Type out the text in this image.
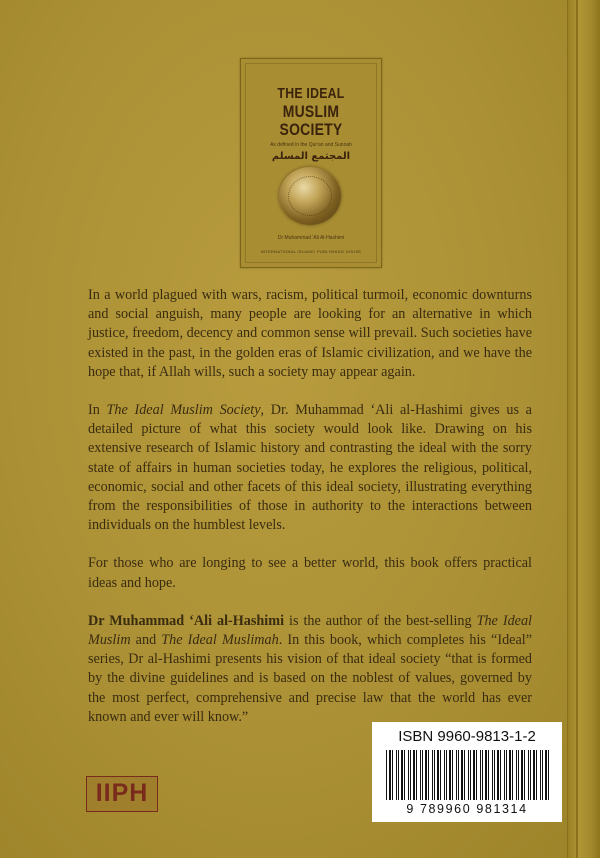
THE IDEAL
MUSLIM
SOCIETY
As defined in the Qur'an and Sunnah
المجتمع المسلم
Dr Muhammad 'Ali Al-Hashimi
INTERNATIONAL ISLAMIC PUBLISHING HOUSE

In a world plagued with wars, racism, political turmoil, economic downturns and social anguish, many people are looking for an alternative in which justice, freedom, decency and common sense will prevail. Such societies have existed in the past, in the golden eras of Islamic civilization, and we have the hope that, if Allah wills, such a society may appear again.

In The Ideal Muslim Society, Dr. Muhammad ‘Ali al-Hashimi gives us a detailed picture of what this society would look like. Drawing on his extensive research of Islamic history and contrasting the ideal with the sorry state of affairs in human societies today, he explores the religious, political, economic, social and other facets of this ideal society, illustrating everything from the responsibilities of those in authority to the interactions between individuals on the humblest levels.

For those who are longing to see a better world, this book offers practical ideas and hope.

Dr Muhammad ‘Ali al-Hashimi is the author of the best-selling The Ideal Muslim and The Ideal Muslimah. In this book, which completes his “Ideal” series, Dr al-Hashimi presents his vision of that ideal society “that is formed by the divine guidelines and is based on the noblest of values, governed by the most perfect, comprehensive and precise law that the world has ever known and ever will know.”

ISBN 9960-9813-1-2
9 789960 981314
IIPH
